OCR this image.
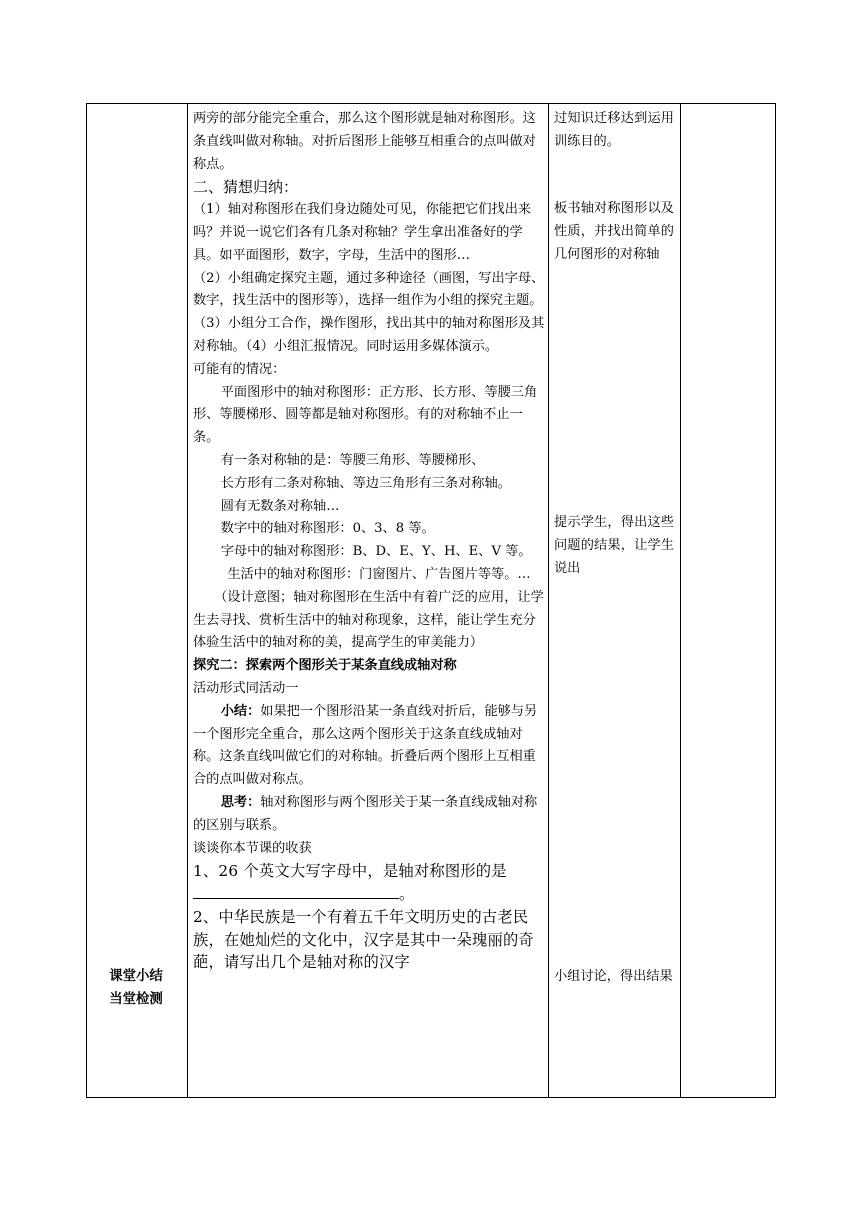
课堂小结
当堂检测

两旁的部分能完全重合，那么这个图形就是轴对称图形。这条直线叫做对称轴。对折后图形上能够互相重合的点叫做对称点。

二、猜想归纳：

（1）轴对称图形在我们身边随处可见，你能把它们找出来吗？并说一说它们各有几条对称轴？学生拿出准备好的学具。如平面图形，数字，字母，生活中的图形…

（2）小组确定探究主题，通过多种途径（画图，写出字母、数字，找生活中的图形等），选择一组作为小组的探究主题。（3）小组分工合作，操作图形，找出其中的轴对称图形及其对称轴。（4）小组汇报情况。同时运用多媒体演示。

可能有的情况：

平面图形中的轴对称图形：正方形、长方形、等腰三角形、等腰梯形、圆等都是轴对称图形。有的对称轴不止一条。

有一条对称轴的是：等腰三角形、等腰梯形、

长方形有二条对称轴、等边三角形有三条对称轴。

圆有无数条对称轴…

数字中的轴对称图形：0、3、8 等。

字母中的轴对称图形：B、D、E、Y、H、E、V 等。

生活中的轴对称图形：门窗图片、广告图片等等。…

（设计意图；轴对称图形在生活中有着广泛的应用，让学生去寻找、赏析生活中的轴对称现象，这样，能让学生充分体验生活中的轴对称的美，提高学生的审美能力）

探究二：探索两个图形关于某条直线成轴对称

活动形式同活动一

小结：如果把一个图形沿某一条直线对折后，能够与另一个图形完全重合，那么这两个图形关于这条直线成轴对称。这条直线叫做它们的对称轴。折叠后两个图形上互相重合的点叫做对称点。

思考：轴对称图形与两个图形关于某一条直线成轴对称的区别与联系。

谈谈你本节课的收获

1、26 个英文大写字母中，是轴对称图形的是
。

2、中华民族是一个有着五千年文明历史的古老民族，在她灿烂的文化中，汉字是其中一朵瑰丽的奇葩，请写出几个是轴对称的汉字

过知识迁移达到运用训练目的。

板书轴对称图形以及性质，并找出简单的几何图形的对称轴

提示学生，得出这些问题的结果，让学生说出

小组讨论，得出结果
